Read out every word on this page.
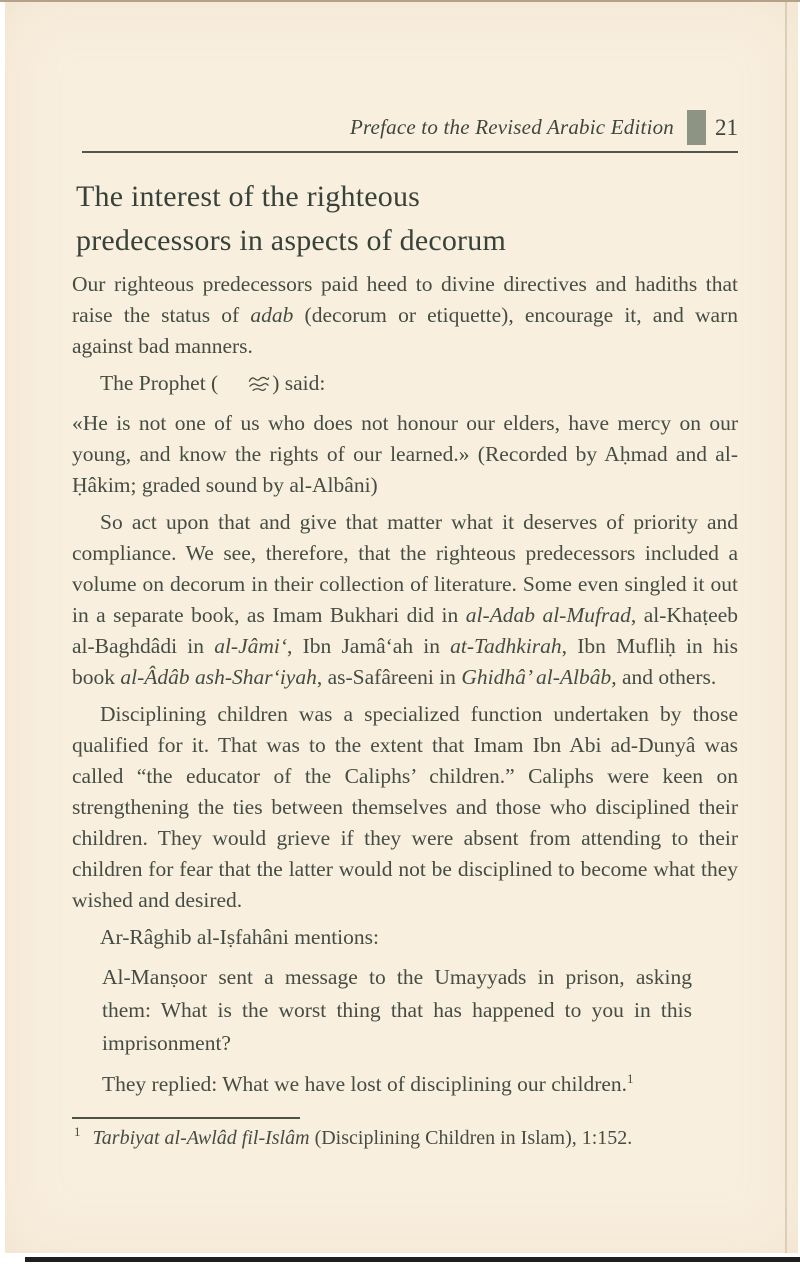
Preface to the Revised Arabic Edition 21
The interest of the righteous
predecessors in aspects of decorum

Our righteous predecessors paid heed to divine directives and hadiths that raise the status of adab (decorum or etiquette), encourage it, and warn against bad manners.

The Prophet (	) said:

«He is not one of us who does not honour our elders, have mercy on our young, and know the rights of our learned.» (Recorded by Aḥmad and al-Ḥâkim; graded sound by al-Albâni)

So act upon that and give that matter what it deserves of priority and compliance. We see, therefore, that the righteous predecessors included a volume on decorum in their collection of literature. Some even singled it out in a separate book, as Imam Bukhari did in al-Adab al-Mufrad, al-Khaṭeeb al-Baghdâdi in al-Jâmiʻ, Ibn Jamâʻah in at-Tadhkirah, Ibn Mufliḥ in his book al-Âdâb ash-Sharʻiyah, as-Safâreeni in Ghidhâ’ al-Albâb, and others.

Disciplining children was a specialized function undertaken by those qualified for it. That was to the extent that Imam Ibn Abi ad-Dunyâ was called “the educator of the Caliphs’ children.” Caliphs were keen on strengthening the ties between themselves and those who disciplined their children. They would grieve if they were absent from attending to their children for fear that the latter would not be disciplined to become what they wished and desired.

Ar-Râghib al-Iṣfahâni mentions:

Al-Manṣoor sent a message to the Umayyads in prison, asking them: What is the worst thing that has happened to you in this imprisonment?

They replied: What we have lost of disciplining our children.$^1$

$^1$ Tarbiyat al-Awlâd fil-Islâm (Disciplining Children in Islam), 1:152.
